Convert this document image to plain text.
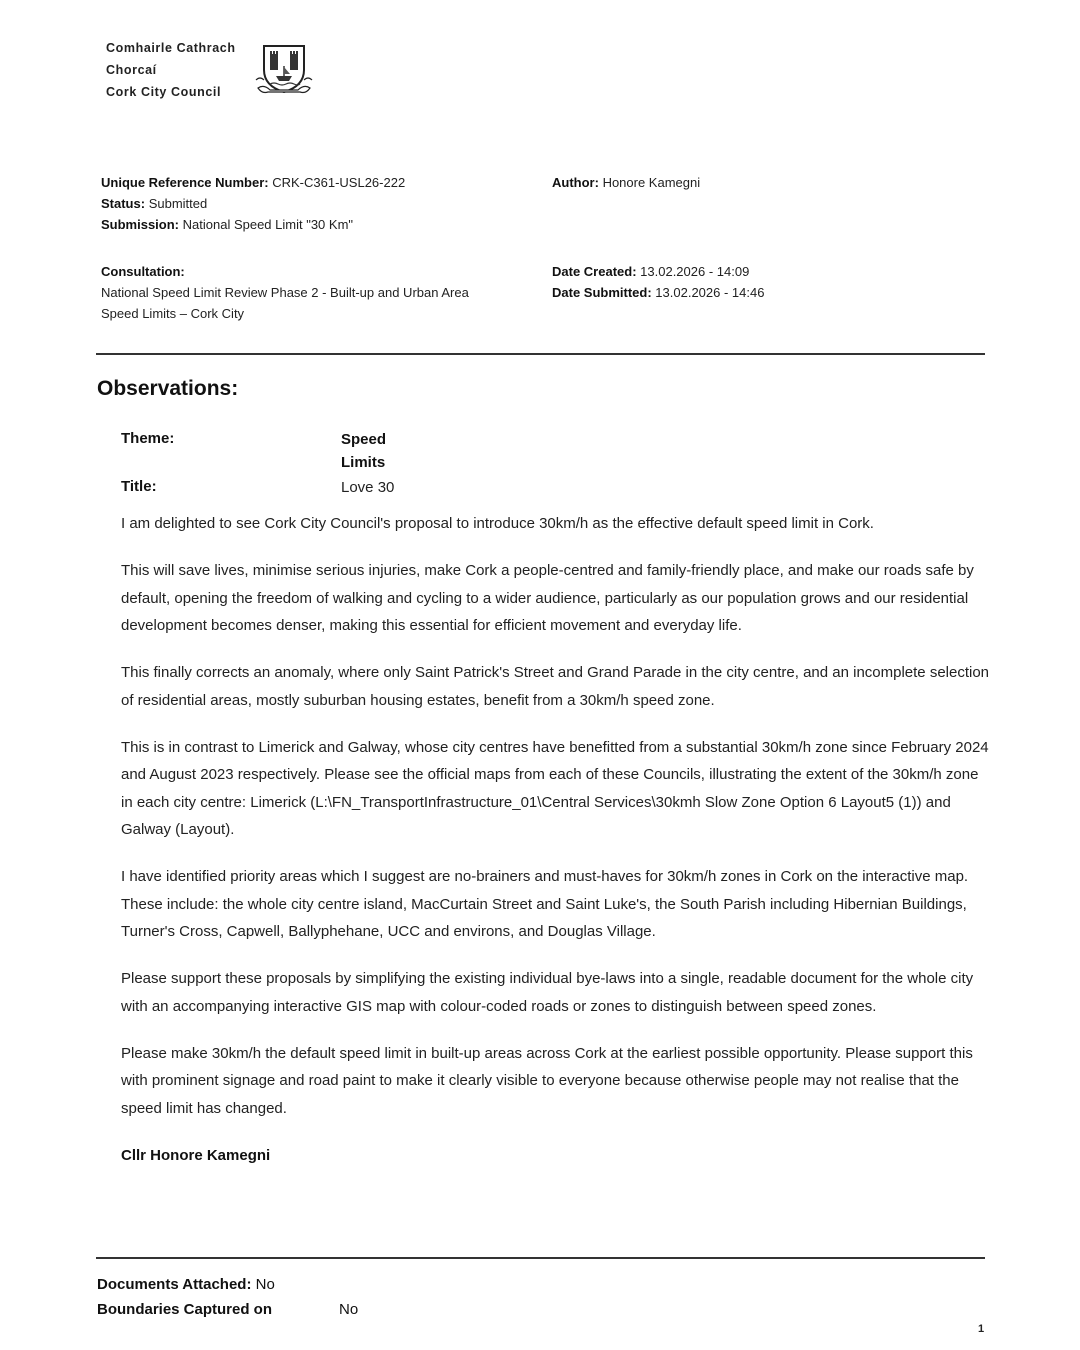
Comhairle Cathrach
Chorcaí
Cork City Council
Unique Reference Number: CRK-C361-USL26-222
Status: Submitted
Submission: National Speed Limit "30 Km"
Author: Honore Kamegni
Consultation:
National Speed Limit Review Phase 2 - Built-up and Urban Area
Speed Limits – Cork City
Date Created: 13.02.2026 - 14:09
Date Submitted: 13.02.2026 - 14:46
Observations:
Theme:	Speed
Limits
Title:	Love 30

I am delighted to see Cork City Council's proposal to introduce 30km/h as the effective default speed limit in Cork.

This will save lives, minimise serious injuries, make Cork a people-centred and family-friendly place, and make our roads safe by default, opening the freedom of walking and cycling to a wider audience, particularly as our population grows and our residential development becomes denser, making this essential for efficient movement and everyday life.

This finally corrects an anomaly, where only Saint Patrick's Street and Grand Parade in the city centre, and an incomplete selection of residential areas, mostly suburban housing estates, benefit from a 30km/h speed zone.

This is in contrast to Limerick and Galway, whose city centres have benefitted from a substantial 30km/h zone since February 2024 and August 2023 respectively. Please see the official maps from each of these Councils, illustrating the extent of the 30km/h zone in each city centre: Limerick (L:\FN_TransportInfrastructure_01\Central Services\30kmh Slow Zone Option 6 Layout5 (1)) and Galway (Layout).

I have identified priority areas which I suggest are no-brainers and must-haves for 30km/h zones in Cork on the interactive map. These include: the whole city centre island, MacCurtain Street and Saint Luke's, the South Parish including Hibernian Buildings, Turner's Cross, Capwell, Ballyphehane, UCC and environs, and Douglas Village.

Please support these proposals by simplifying the existing individual bye-laws into a single, readable document for the whole city with an accompanying interactive GIS map with colour-coded roads or zones to distinguish between speed zones.

Please make 30km/h the default speed limit in built-up areas across Cork at the earliest possible opportunity. Please support this with prominent signage and road paint to make it clearly visible to everyone because otherwise people may not realise that the speed limit has changed.

Cllr Honore Kamegni

Documents Attached: No
Boundaries Captured on	No
1
